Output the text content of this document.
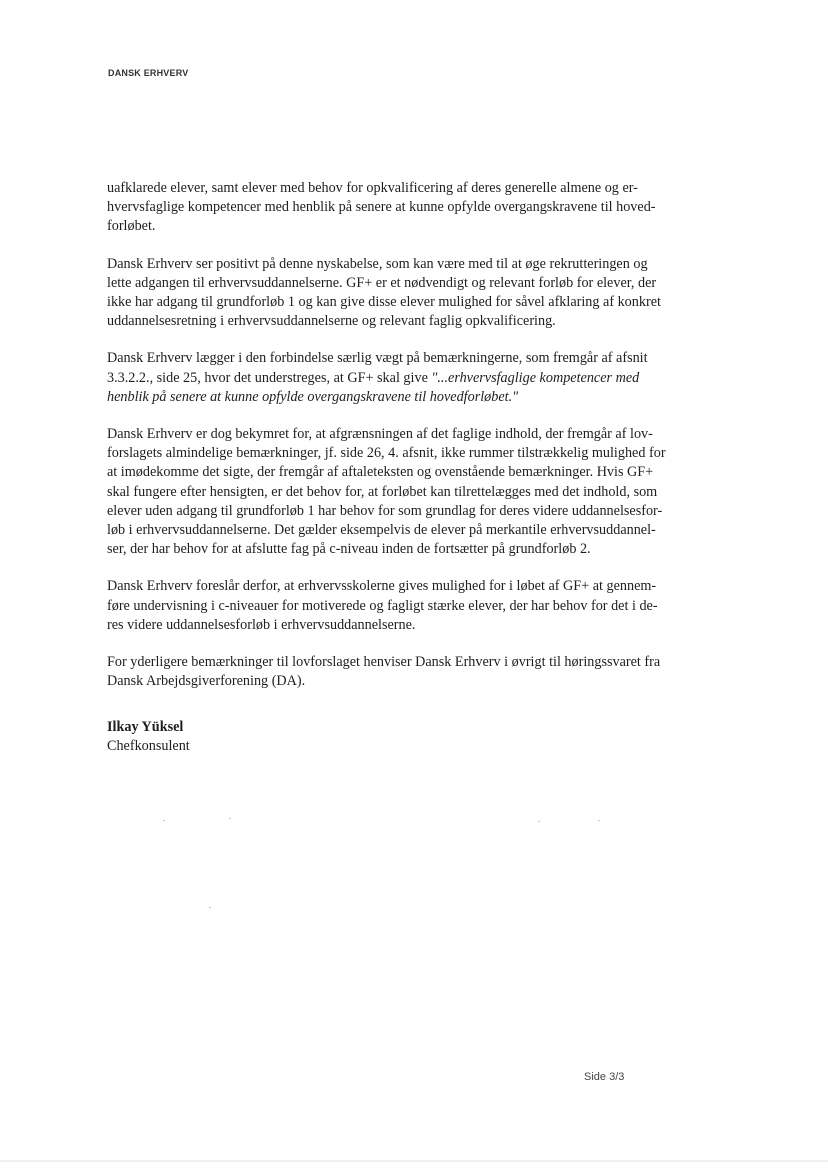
DANSK ERHVERV

uafklarede elever, samt elever med behov for opkvalificering af deres generelle almene og er-
hvervsfaglige kompetencer med henblik på senere at kunne opfylde overgangskravene til hoved-
forløbet.

Dansk Erhverv ser positivt på denne nyskabelse, som kan være med til at øge rekrutteringen og
lette adgangen til erhvervsuddannelserne. GF+ er et nødvendigt og relevant forløb for elever, der
ikke har adgang til grundforløb 1 og kan give disse elever mulighed for såvel afklaring af konkret
uddannelsesretning i erhvervsuddannelserne og relevant faglig opkvalificering.

Dansk Erhverv lægger i den forbindelse særlig vægt på bemærkningerne, som fremgår af afsnit
3.3.2.2., side 25, hvor det understreges, at GF+ skal give "...erhvervsfaglige kompetencer med
henblik på senere at kunne opfylde overgangskravene til hovedforløbet."

Dansk Erhverv er dog bekymret for, at afgrænsningen af det faglige indhold, der fremgår af lov-
forslagets almindelige bemærkninger, jf. side 26, 4. afsnit, ikke rummer tilstrækkelig mulighed for
at imødekomme det sigte, der fremgår af aftaleteksten og ovenstående bemærkninger. Hvis GF+
skal fungere efter hensigten, er det behov for, at forløbet kan tilrettelægges med det indhold, som
elever uden adgang til grundforløb 1 har behov for som grundlag for deres videre uddannelsesfor-
løb i erhvervsuddannelserne. Det gælder eksempelvis de elever på merkantile erhvervsuddannel-
ser, der har behov for at afslutte fag på c-niveau inden de fortsætter på grundforløb 2.

Dansk Erhverv foreslår derfor, at erhvervsskolerne gives mulighed for i løbet af GF+ at gennem-
føre undervisning i c-niveauer for motiverede og fagligt stærke elever, der har behov for det i de-
res videre uddannelsesforløb i erhvervsuddannelserne.

For yderligere bemærkninger til lovforslaget henviser Dansk Erhverv i øvrigt til høringssvaret fra
Dansk Arbejdsgiverforening (DA).

Ilkay Yüksel
Chefkonsulent
Side 3/3
